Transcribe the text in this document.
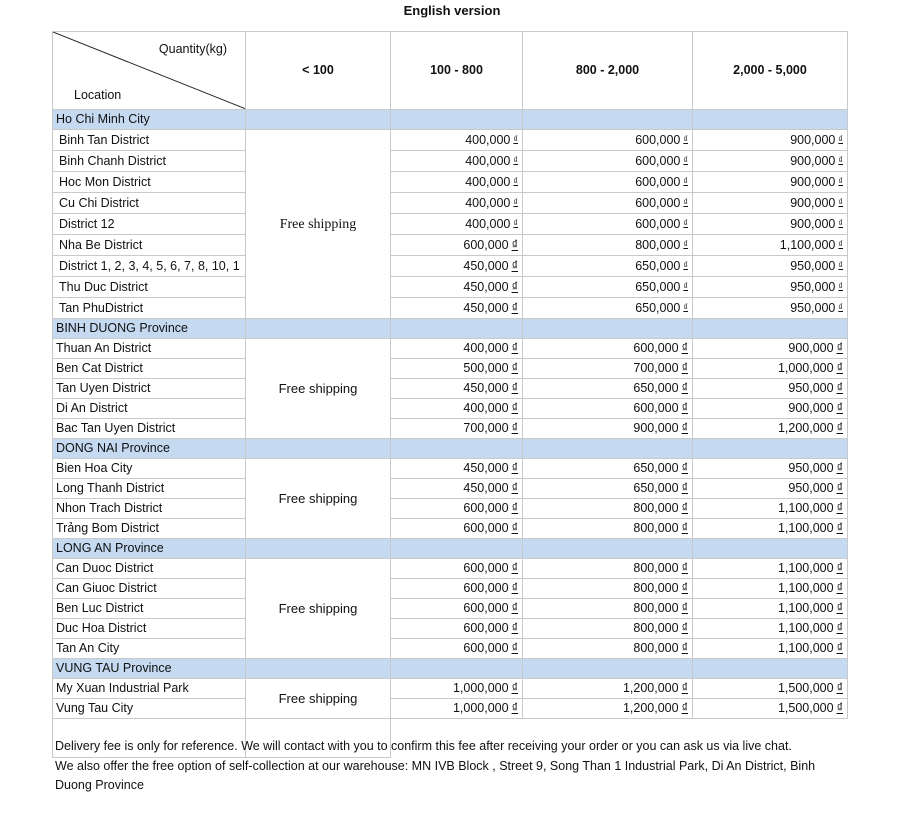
English version
Quantity(kg)
Location	< 100	100 - 800	800 - 2,000	2,000 - 5,000
Ho Chi Minh City				
Binh Tan District	Free shipping	400,000 ₫	600,000 ₫	900,000 ₫
Binh Chanh District		400,000 ₫	600,000 ₫	900,000 ₫
Hoc Mon District		400,000 ₫	600,000 ₫	900,000 ₫
Cu Chi District		400,000 ₫	600,000 ₫	900,000 ₫
District 12		400,000 ₫	600,000 ₫	900,000 ₫
Nha Be District		600,000 ₫	800,000 ₫	1,100,000 ₫
District 1, 2, 3, 4, 5, 6, 7, 8, 10, 1		450,000 ₫	650,000 ₫	950,000 ₫
Thu Duc District		450,000 ₫	650,000 ₫	950,000 ₫
Tan PhuDistrict		450,000 ₫	650,000 ₫	950,000 ₫
BINH DUONG Province				
Thuan An District	Free shipping	400,000 ₫	600,000 ₫	900,000 ₫
Ben Cat District		500,000 ₫	700,000 ₫	1,000,000 ₫
Tan Uyen District		450,000 ₫	650,000 ₫	950,000 ₫
Di An District		400,000 ₫	600,000 ₫	900,000 ₫
Bac Tan Uyen District		700,000 ₫	900,000 ₫	1,200,000 ₫
DONG NAI Province				
Bien Hoa City	Free shipping	450,000 ₫	650,000 ₫	950,000 ₫
Long Thanh District		450,000 ₫	650,000 ₫	950,000 ₫
Nhon Trach District		600,000 ₫	800,000 ₫	1,100,000 ₫
Trảng Bom District		600,000 ₫	800,000 ₫	1,100,000 ₫
LONG AN Province				
Can Duoc District	Free shipping	600,000 ₫	800,000 ₫	1,100,000 ₫
Can Giuoc District		600,000 ₫	800,000 ₫	1,100,000 ₫
Ben Luc District		600,000 ₫	800,000 ₫	1,100,000 ₫
Duc Hoa District		600,000 ₫	800,000 ₫	1,100,000 ₫
Tan An City		600,000 ₫	800,000 ₫	1,100,000 ₫
VUNG TAU Province				
My Xuan Industrial Park	Free shipping	1,000,000 ₫	1,200,000 ₫	1,500,000 ₫
Vung Tau City		1,000,000 ₫	1,200,000 ₫	1,500,000 ₫

Delivery fee is only for reference. We will contact with you to confirm this fee after receiving your order or you can ask us via live chat.

We also offer the free option of self-collection at our warehouse: MN IVB Block , Street 9, Song Than 1 Industrial Park, Di An District, Binh Duong Province
